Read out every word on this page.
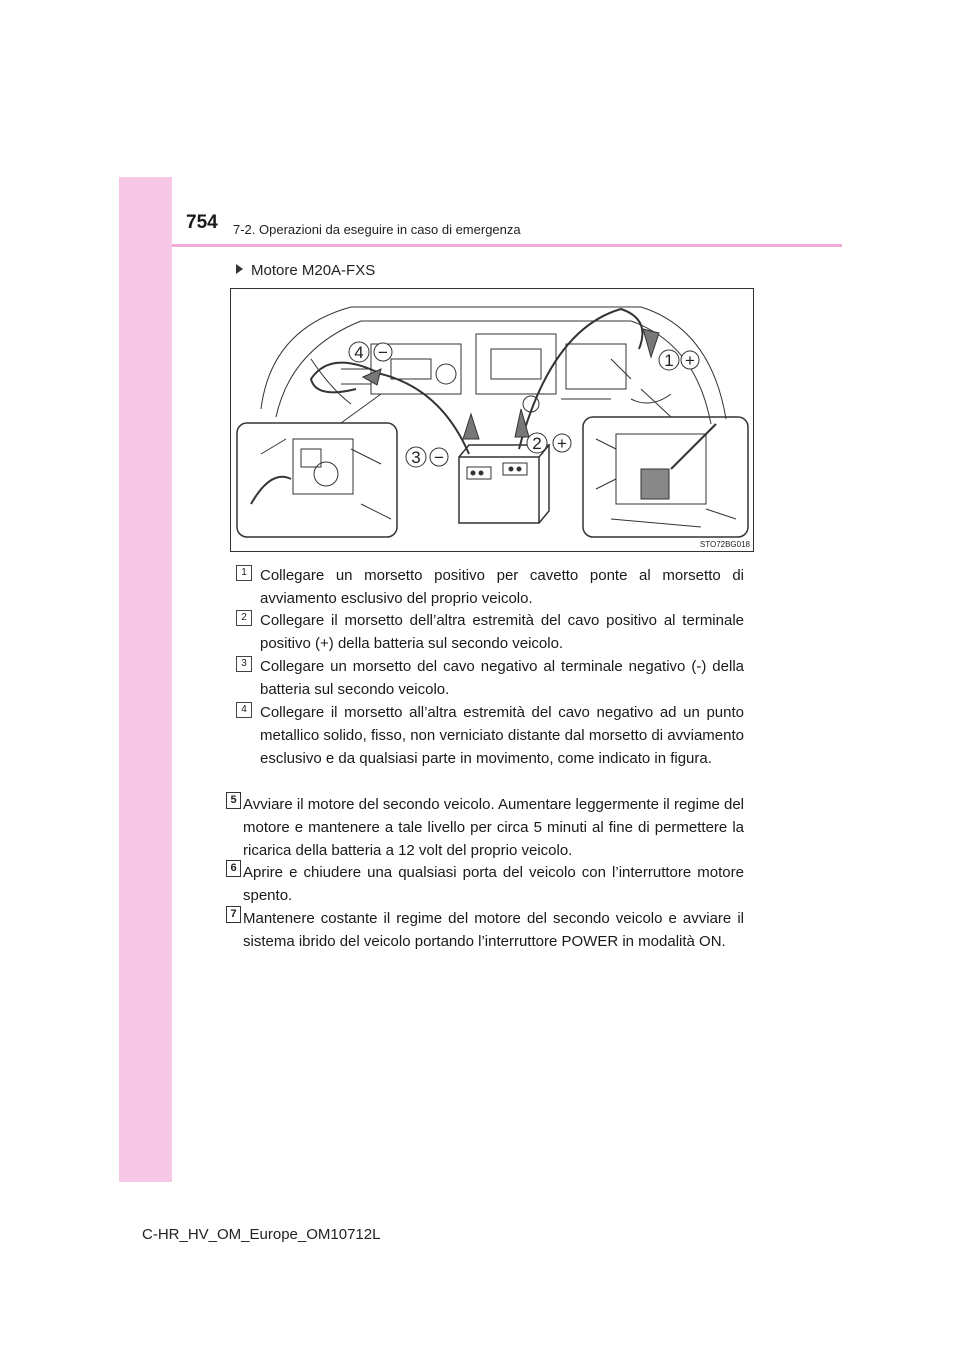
754 7-2. Operazioni da eseguire in caso di emergenza
Motore M20A-FXS
1 +
2 +
3 −
4 −
STO72BG018
1 Collegare un morsetto positivo per cavetto ponte al morsetto di avviamento esclusivo del proprio veicolo.
2 Collegare il morsetto dell’altra estremità del cavo positivo al terminale positivo (+) della batteria sul secondo veicolo.
3 Collegare un morsetto del cavo negativo al terminale negativo (-) della batteria sul secondo veicolo.
4 Collegare il morsetto all’altra estremità del cavo negativo ad un punto metallico solido, fisso, non verniciato distante dal morsetto di avviamento esclusivo e da qualsiasi parte in movimento, come indicato in figura.
5 Avviare il motore del secondo veicolo. Aumentare leggermente il regime del motore e mantenere a tale livello per circa 5 minuti al fine di permettere la ricarica della batteria a 12 volt del proprio veicolo.
6 Aprire e chiudere una qualsiasi porta del veicolo con l’interruttore motore spento.
7 Mantenere costante il regime del motore del secondo veicolo e avviare il sistema ibrido del veicolo portando l’interruttore POWER in modalità ON.
C-HR_HV_OM_Europe_OM10712L
